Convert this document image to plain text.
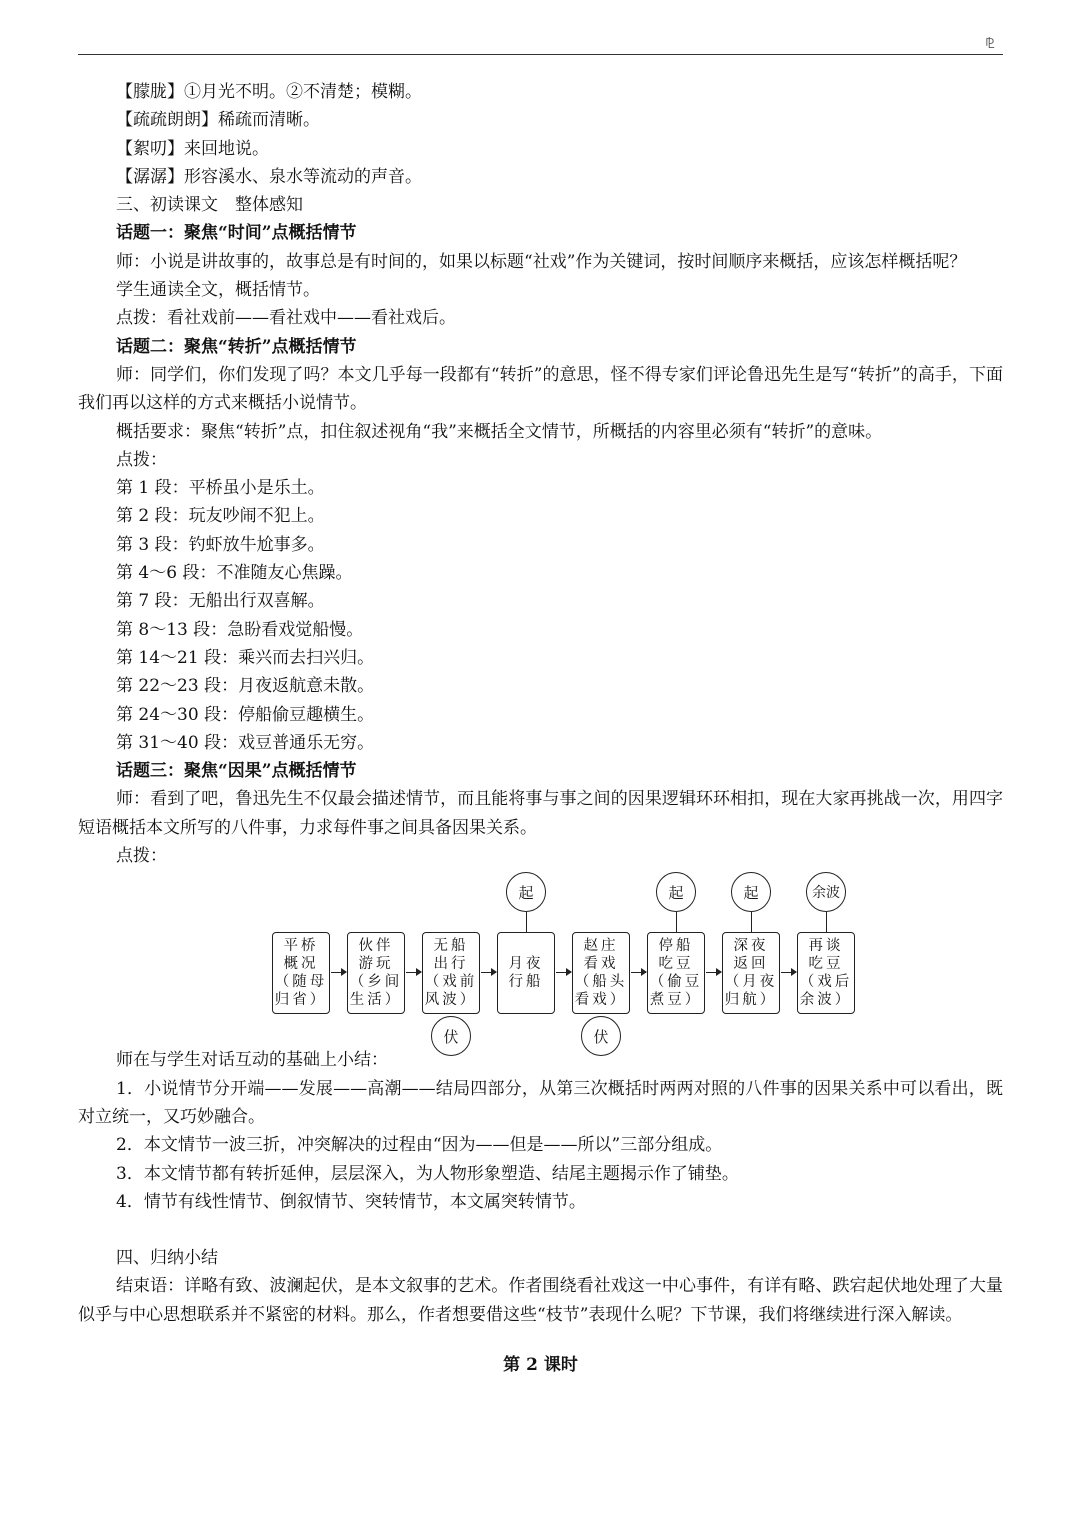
⅊
【朦胧】①月光不明。②不清楚；模糊。
【疏疏朗朗】稀疏而清晰。
【絮叨】来回地说。
【潺潺】形容溪水、泉水等流动的声音。
三、初读课文　整体感知
话题一：聚焦“时间”点概括情节
师：小说是讲故事的，故事总是有时间的，如果以标题“社戏”作为关键词，按时间顺序来概括，应该怎样概括呢？
学生通读全文，概括情节。
点拨：看社戏前——看社戏中——看社戏后。
话题二：聚焦“转折”点概括情节
师：同学们，你们发现了吗？本文几乎每一段都有“转折”的意思，怪不得专家们评论鲁迅先生是写“转折”的高手，下面我们再以这样的方式来概括小说情节。
概括要求：聚焦“转折”点，扣住叙述视角“我”来概括全文情节，所概括的内容里必须有“转折”的意味。
点拨：
第 1 段：平桥虽小是乐土。
第 2 段：玩友吵闹不犯上。
第 3 段：钓虾放牛尬事多。
第 4～6 段：不准随友心焦躁。
第 7 段：无船出行双喜解。
第 8～13 段：急盼看戏觉船慢。
第 14～21 段：乘兴而去扫兴归。
第 22～23 段：月夜返航意未散。
第 24～30 段：停船偷豆趣横生。
第 31～40 段：戏豆普通乐无穷。
话题三：聚焦“因果”点概括情节
师：看到了吧，鲁迅先生不仅最会描述情节，而且能将事与事之间的因果逻辑环环相扣，现在大家再挑战一次，用四字短语概括本文所写的八件事，力求每件事之间具备因果关系。
点拨：
平桥
概况
（随母
归省）
伙伴
游玩
（乡间
生活）
无船
出行
（戏前
风波）
月夜
行船
赵庄
看戏
（船头
看戏）
停船
吃豆
（偷豆
煮豆）
深夜
返回
（月夜
归航）
再谈
吃豆
（戏后
余波）
起	起	起	余波
伏	伏
师在与学生对话互动的基础上小结：
1．小说情节分开端——发展——高潮——结局四部分，从第三次概括时两两对照的八件事的因果关系中可以看出，既对立统一，又巧妙融合。
2．本文情节一波三折，冲突解决的过程由“因为——但是——所以”三部分组成。
3．本文情节都有转折延伸，层层深入，为人物形象塑造、结尾主题揭示作了铺垫。
4．情节有线性情节、倒叙情节、突转情节，本文属突转情节。
四、归纳小结
结束语：详略有致、波澜起伏，是本文叙事的艺术。作者围绕看社戏这一中心事件，有详有略、跌宕起伏地处理了大量似乎与中心思想联系并不紧密的材料。那么，作者想要借这些“枝节”表现什么呢？下节课，我们将继续进行深入解读。
第 2 课时
